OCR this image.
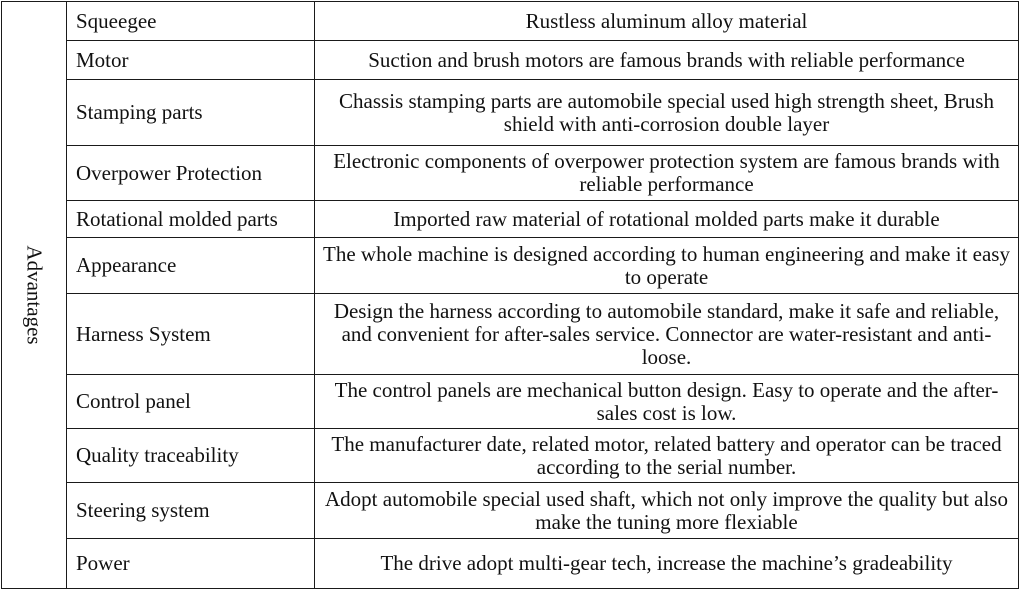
Advantages	Squeegee	Rustless aluminum alloy material
	Motor	Suction and brush motors are famous brands with reliable performance
	Stamping parts	Chassis stamping parts are automobile special used high strength sheet, Brush shield with anti-corrosion double layer
	Overpower Protection	Electronic components of overpower protection system are famous brands with reliable performance
	Rotational molded parts	Imported raw material of rotational molded parts make it durable
	Appearance	The whole machine is designed according to human engineering and make it easy to operate
	Harness System	Design the harness according to automobile standard, make it safe and reliable, and convenient for after-sales service. Connector are water-resistant and anti-loose.
	Control panel	The control panels are mechanical button design. Easy to operate and the after-sales cost is low.
	Quality traceability	The manufacturer date, related motor, related battery and operator can be traced according to the serial number.
	Steering system	Adopt automobile special used shaft, which not only improve the quality but also make the tuning more flexiable
	Power	The drive adopt multi-gear tech, increase the machine’s gradeability
